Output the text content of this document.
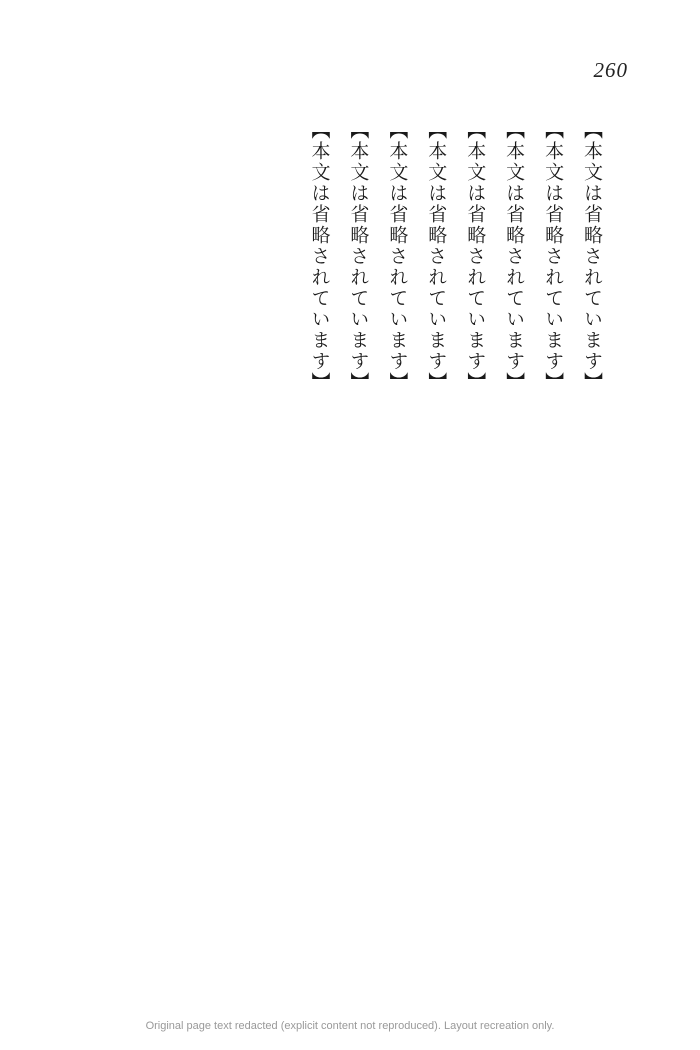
260

【本文は省略されています】

【本文は省略されています】

【本文は省略されています】

【本文は省略されています】

【本文は省略されています】

【本文は省略されています】

【本文は省略されています】

【本文は省略されています】

Original page text redacted (explicit content not reproduced). Layout recreation only.
